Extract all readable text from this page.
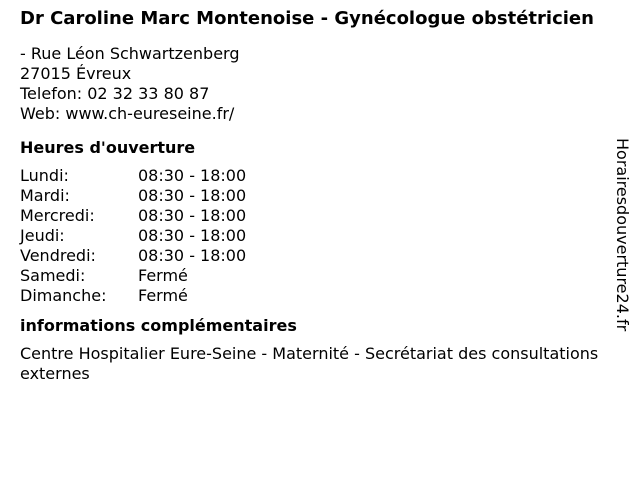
Dr Caroline Marc Montenoise - Gynécologue obstétricien
- Rue Léon Schwartzenberg
27015 Évreux
Telefon: 02 32 33 80 87
Web: www.ch-eureseine.fr/
Heures d'ouverture
Lundi:	08:30 - 18:00
Mardi:	08:30 - 18:00
Mercredi:	08:30 - 18:00
Jeudi:	08:30 - 18:00
Vendredi:	08:30 - 18:00
Samedi:	Fermé
Dimanche:	Fermé
informations complémentaires
Centre Hospitalier Eure-Seine - Maternité - Secrétariat des consultations externes
Horairesdouverture24.fr
